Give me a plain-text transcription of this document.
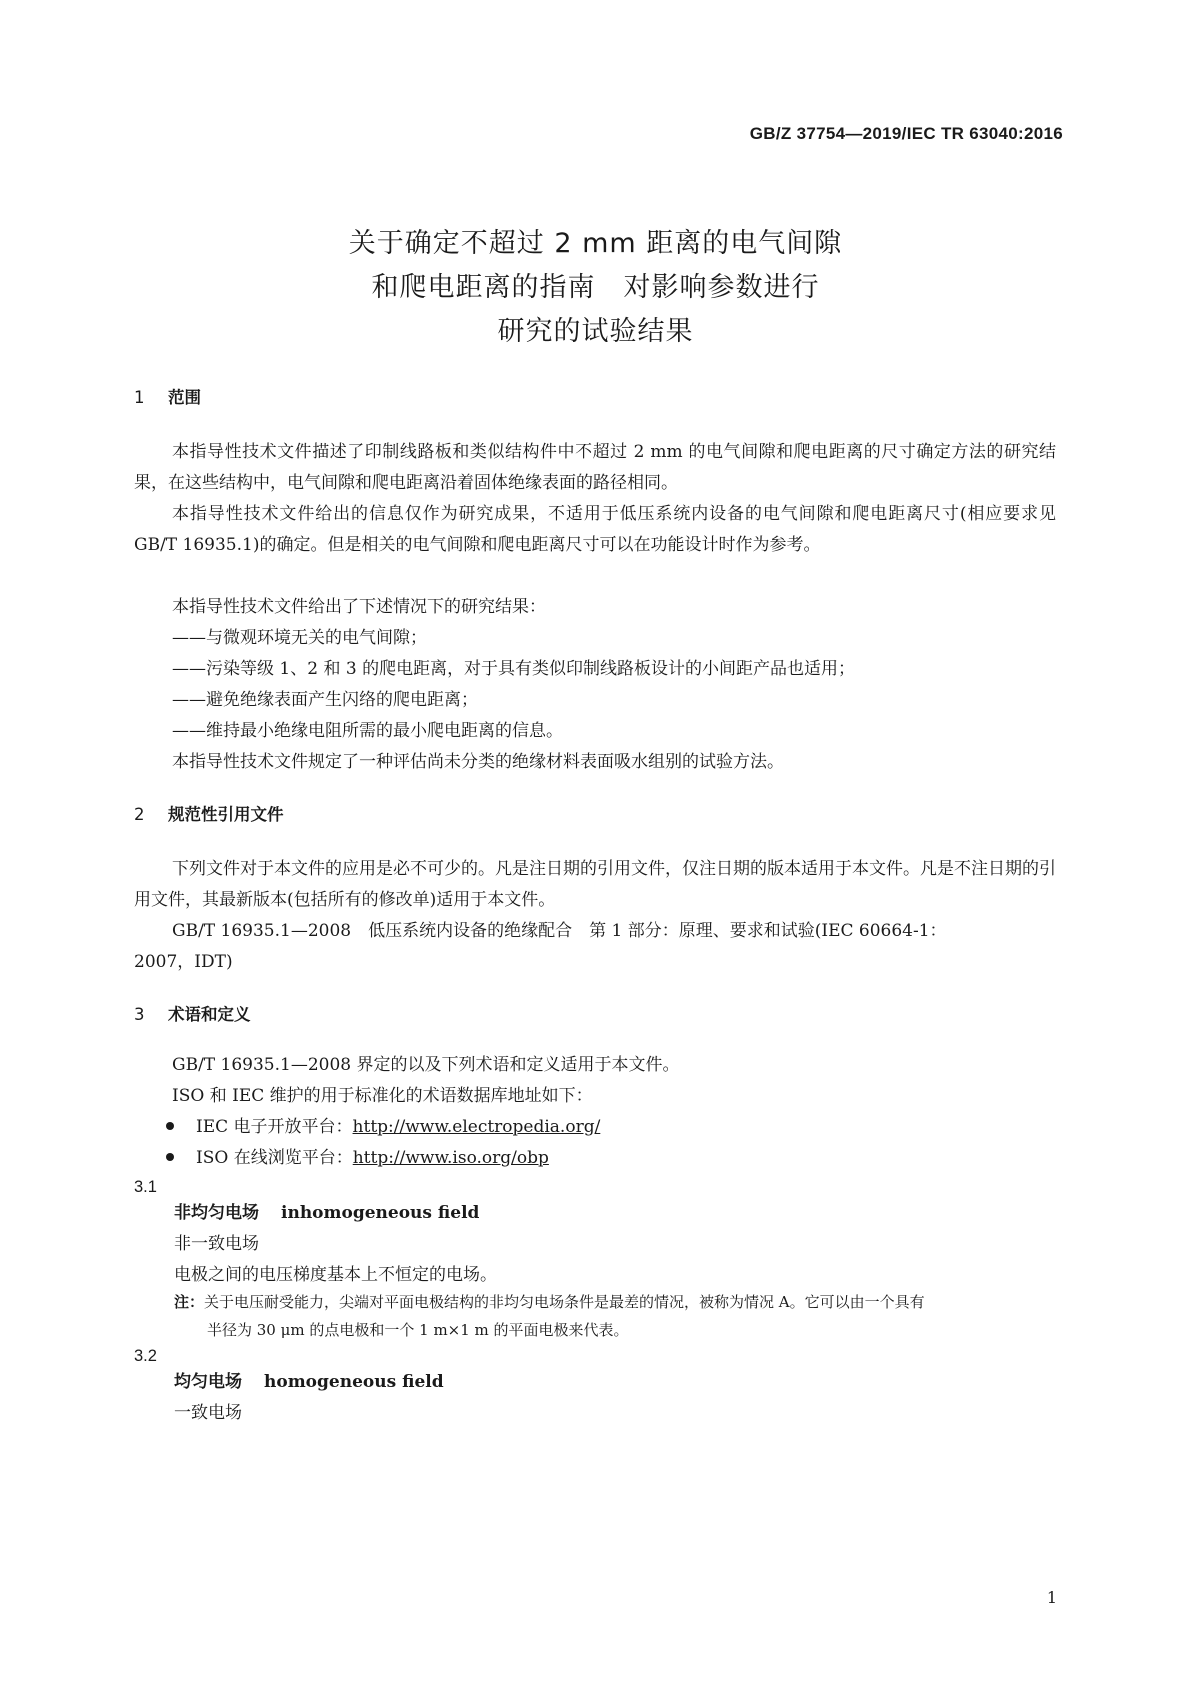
GB/Z 37754—2019/IEC TR 63040:2016
关于确定不超过 2 mm 距离的电气间隙
和爬电距离的指南　对影响参数进行
研究的试验结果
1 范围
本指导性技术文件描述了印制线路板和类似结构件中不超过 2 mm 的电气间隙和爬电距离的尺寸确定方法的研究结果，在这些结构中，电气间隙和爬电距离沿着固体绝缘表面的路径相同。
本指导性技术文件给出的信息仅作为研究成果，不适用于低压系统内设备的电气间隙和爬电距离尺寸(相应要求见 GB/T 16935.1)的确定。但是相关的电气间隙和爬电距离尺寸可以在功能设计时作为参考。
本指导性技术文件给出了下述情况下的研究结果：
——与微观环境无关的电气间隙；
——污染等级 1、2 和 3 的爬电距离，对于具有类似印制线路板设计的小间距产品也适用；
——避免绝缘表面产生闪络的爬电距离；
——维持最小绝缘电阻所需的最小爬电距离的信息。
本指导性技术文件规定了一种评估尚未分类的绝缘材料表面吸水组别的试验方法。
2 规范性引用文件
下列文件对于本文件的应用是必不可少的。凡是注日期的引用文件，仅注日期的版本适用于本文件。凡是不注日期的引用文件，其最新版本(包括所有的修改单)适用于本文件。
GB/T 16935.1—2008　低压系统内设备的绝缘配合　第 1 部分：原理、要求和试验(IEC 60664-1：
2007，IDT)
3 术语和定义
GB/T 16935.1—2008 界定的以及下列术语和定义适用于本文件。
ISO 和 IEC 维护的用于标准化的术语数据库地址如下：
IEC 电子开放平台：http://www.electropedia.org/
ISO 在线浏览平台：http://www.iso.org/obp
3.1
非均匀电场 inhomogeneous field
非一致电场
电极之间的电压梯度基本上不恒定的电场。
注：关于电压耐受能力，尖端对平面电极结构的非均匀电场条件是最差的情况，被称为情况 A。它可以由一个具有
半径为 30 μm 的点电极和一个 1 m×1 m 的平面电极来代表。
3.2
均匀电场 homogeneous field
一致电场
1
